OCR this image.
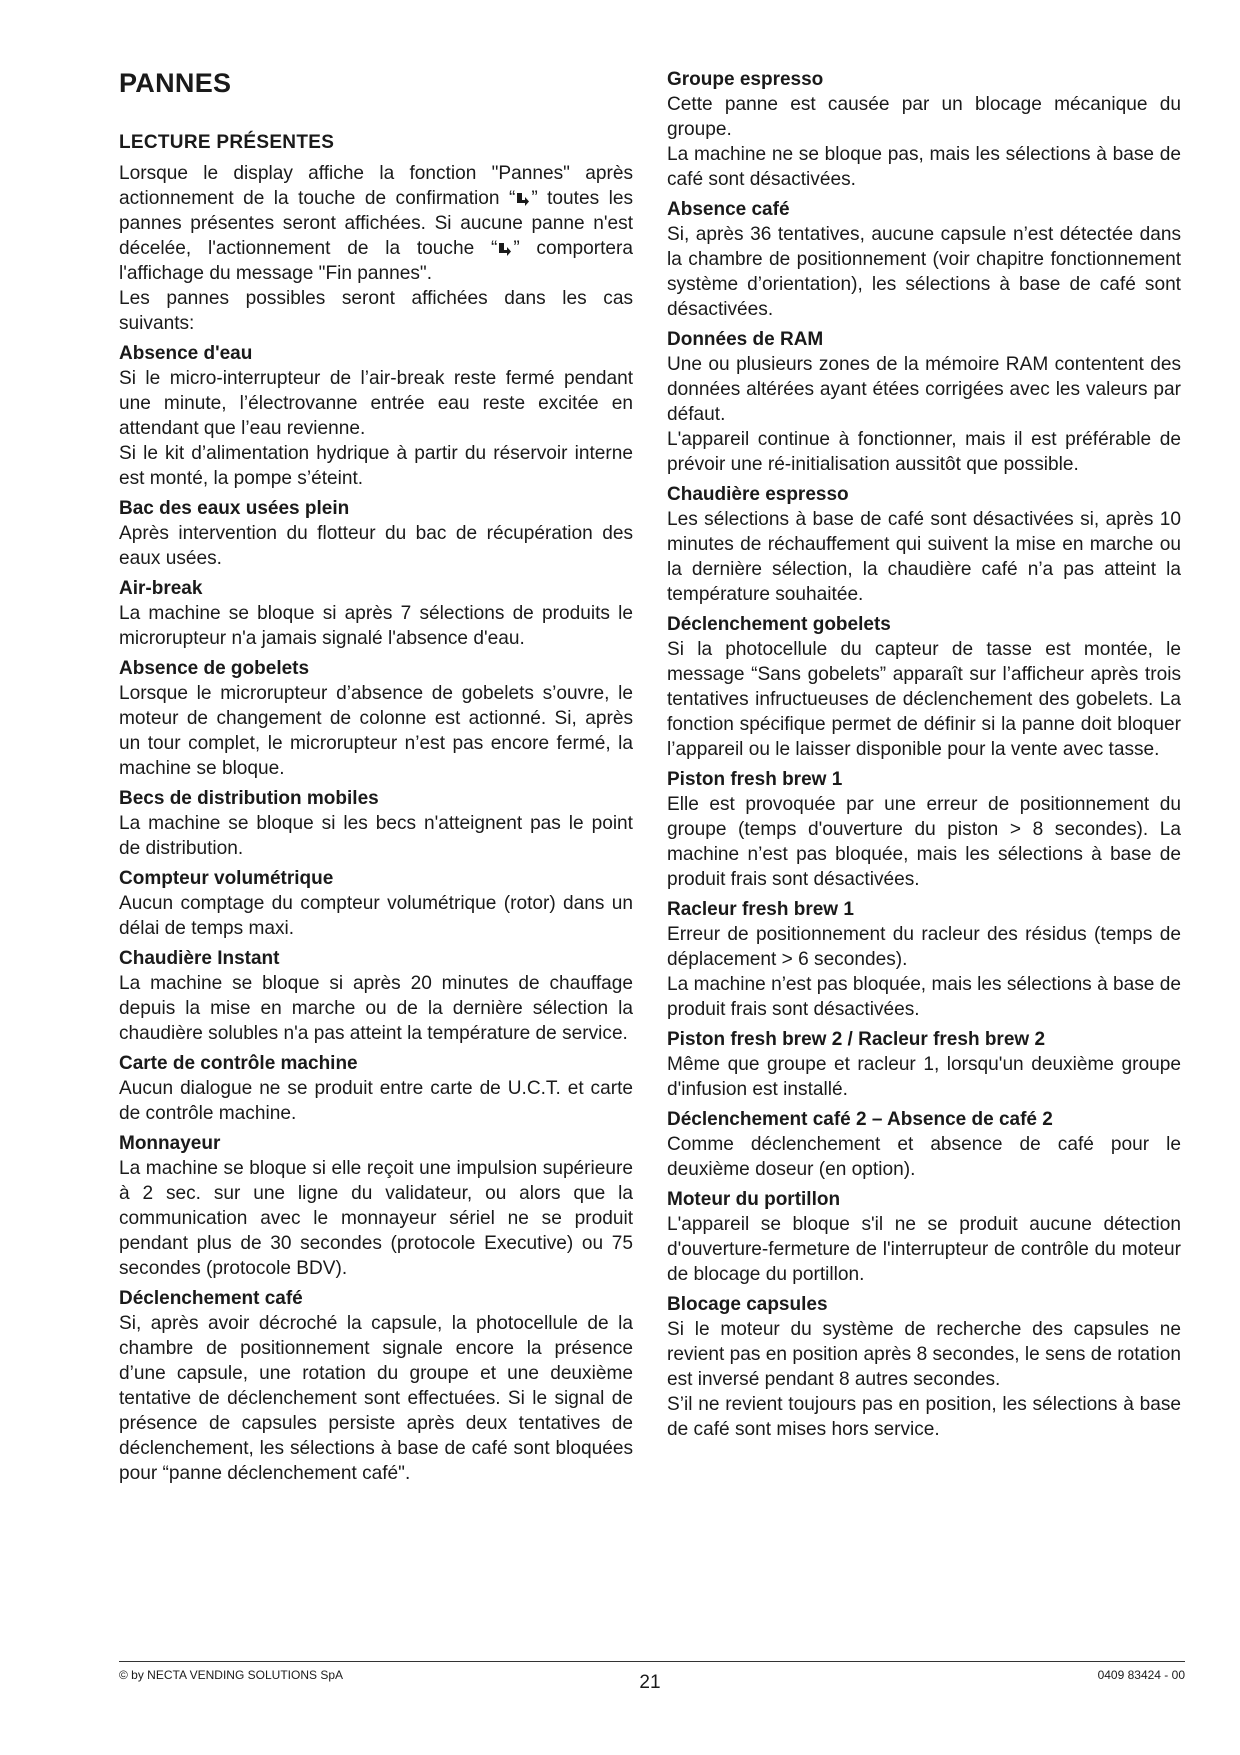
PANNES
LECTURE PRÉSENTES

Lorsque le display affiche la fonction "Pannes" après actionnement de la touche de confirmation “ ” toutes les pannes présentes seront affichées. Si aucune panne n'est décelée, l'actionnement de la touche “ ” comportera l'affichage du message "Fin pannes".

Les pannes possibles seront affichées dans les cas suivants:

Absence d'eau

Si le micro-interrupteur de l’air-break reste fermé pendant une minute, l’électrovanne entrée eau reste excitée en attendant que l’eau revienne.

Si le kit d’alimentation hydrique à partir du réservoir interne est monté, la pompe s’éteint.

Bac des eaux usées plein

Après intervention du flotteur du bac de récupération des eaux usées.

Air-break

La machine se bloque si après 7 sélections de produits le microrupteur n'a jamais signalé l'absence d'eau.

Absence de gobelets

Lorsque le microrupteur d’absence de gobelets s’ouvre, le moteur de changement de colonne est actionné. Si, après un tour complet, le microrupteur n’est pas encore fermé, la machine se bloque.

Becs de distribution mobiles

La machine se bloque si les becs n'atteignent pas le point de distribution.

Compteur volumétrique

Aucun comptage du compteur volumétrique (rotor) dans un délai de temps maxi.

Chaudière Instant

La machine se bloque si après 20 minutes de chauffage depuis la mise en marche ou de la dernière sélection la chaudière solubles n'a pas atteint la température de service.

Carte de contrôle machine

Aucun dialogue ne se produit entre carte de U.C.T. et carte de contrôle machine.

Monnayeur

La machine se bloque si elle reçoit une impulsion supérieure à 2 sec. sur une ligne du validateur, ou alors que la communication avec le monnayeur sériel ne se produit pendant plus de 30 secondes (protocole Executive) ou 75 secondes (protocole BDV).

Déclenchement café

Si, après avoir décroché la capsule, la photocellule de la chambre de positionnement signale encore la présence d’une capsule, une rotation du groupe et une deuxième tentative de déclenchement sont effectuées. Si le signal de présence de capsules persiste après deux tentatives de déclenchement, les sélections à base de café sont bloquées pour “panne déclenchement café".

Groupe espresso

Cette panne est causée par un blocage mécanique du groupe.

La machine ne se bloque pas, mais les sélections à base de café sont désactivées.

Absence café

Si, après 36 tentatives, aucune capsule n’est détectée dans la chambre de positionnement (voir chapitre fonctionnement système d’orientation), les sélections à base de café sont désactivées.

Données de RAM

Une ou plusieurs zones de la mémoire RAM contentent des données altérées ayant étées corrigées avec les valeurs par défaut.

L'appareil continue à fonctionner, mais il est préférable de prévoir une ré-initialisation aussitôt que possible.

Chaudière espresso

Les sélections à base de café sont désactivées si, après 10 minutes de réchauffement qui suivent la mise en marche ou la dernière sélection, la chaudière café n’a pas atteint la température souhaitée.

Déclenchement gobelets

Si la photocellule du capteur de tasse est montée, le message “Sans gobelets” apparaît sur l’afficheur après trois tentatives infructueuses de déclenchement des gobelets. La fonction spécifique permet de définir si la panne doit bloquer l’appareil ou le laisser disponible pour la vente avec tasse.

Piston fresh brew 1

Elle est provoquée par une erreur de positionnement du groupe (temps d'ouverture du piston > 8 secondes). La machine n’est pas bloquée, mais les sélections à base de produit frais sont désactivées.

Racleur fresh brew 1

Erreur de positionnement du racleur des résidus (temps de déplacement > 6 secondes).

La machine n’est pas bloquée, mais les sélections à base de produit frais sont désactivées.

Piston fresh brew 2 / Racleur fresh brew 2

Même que groupe et racleur 1, lorsqu'un deuxième groupe d'infusion est installé.

Déclenchement café 2 – Absence de café 2

Comme déclenchement et absence de café pour le deuxième doseur (en option).

Moteur du portillon

L'appareil se bloque s'il ne se produit aucune détection d'ouverture-fermeture de l'interrupteur de contrôle du moteur de blocage du portillon.

Blocage capsules

Si le moteur du système de recherche des capsules ne revient pas en position après 8 secondes, le sens de rotation est inversé pendant 8 autres secondes.

S’il ne revient toujours pas en position, les sélections à base de café sont mises hors service.

© by NECTA VENDING SOLUTIONS SpA	21	0409 83424 - 00
